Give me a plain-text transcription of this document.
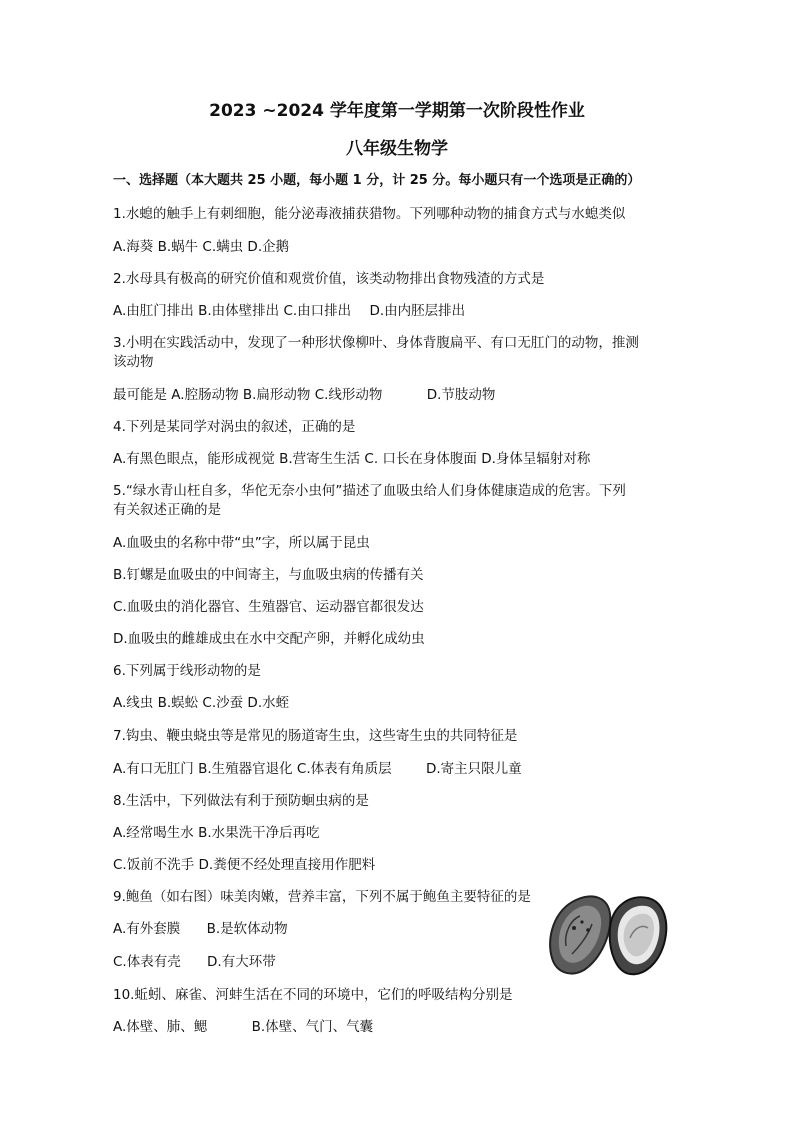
2023 ~2024 学年度第一学期第一次阶段性作业
八年级生物学
一、选择题（本大题共 25 小题，每小题 1 分，计 25 分。每小题只有一个选项是正确的）
1.水螅的触手上有刺细胞，能分泌毒液捕获猎物。下列哪种动物的捕食方式与水螅类似
A.海葵 B.蜗牛 C.螨虫 D.企鹅
2.水母具有极高的研究价值和观赏价值，该类动物排出食物残渣的方式是
A.由肛门排出 B.由体壁排出 C.由口排出 D.由内胚层排出
3.小明在实践活动中，发现了一种形状像柳叶、身体背腹扁平、有口无肛门的动物，推测
该动物
最可能是 A.腔肠动物 B.扁形动物 C.线形动物	D.节肢动物
4.下列是某同学对涡虫的叙述，正确的是
A.有黑色眼点，能形成视觉 B.营寄生生活 C. 口长在身体腹面 D.身体呈辐射对称
5.“绿水青山枉自多，华佗无奈小虫何”描述了血吸虫给人们身体健康造成的危害。下列
有关叙述正确的是
A.血吸虫的名称中带“虫”字，所以属于昆虫
B.钉螺是血吸虫的中间寄主，与血吸虫病的传播有关
C.血吸虫的消化器官、生殖器官、运动器官都很发达
D.血吸虫的雌雄成虫在水中交配产卵，并孵化成幼虫
6.下列属于线形动物的是
A.线虫 B.蜈蚣 C.沙蚕 D.水蛭
7.钩虫、鞭虫蛲虫等是常见的肠道寄生虫，这些寄生虫的共同特征是
A.有口无肛门 B.生殖器官退化 C.体表有角质层	D.寄主只限儿童
8.生活中，下列做法有利于预防蛔虫病的是
A.经常喝生水 B.水果洗干净后再吃
C.饭前不洗手 D.粪便不经处理直接用作肥料
9.鲍鱼（如右图）味美肉嫩，营养丰富，下列不属于鲍鱼主要特征的是
A.有外套膜 B.是软体动物
C.体表有壳 D.有大环带
10.蚯蚓、麻雀、河蚌生活在不同的环境中，它们的呼吸结构分别是
A.体壁、肺、鳃	B.体壁、气门、气囊
